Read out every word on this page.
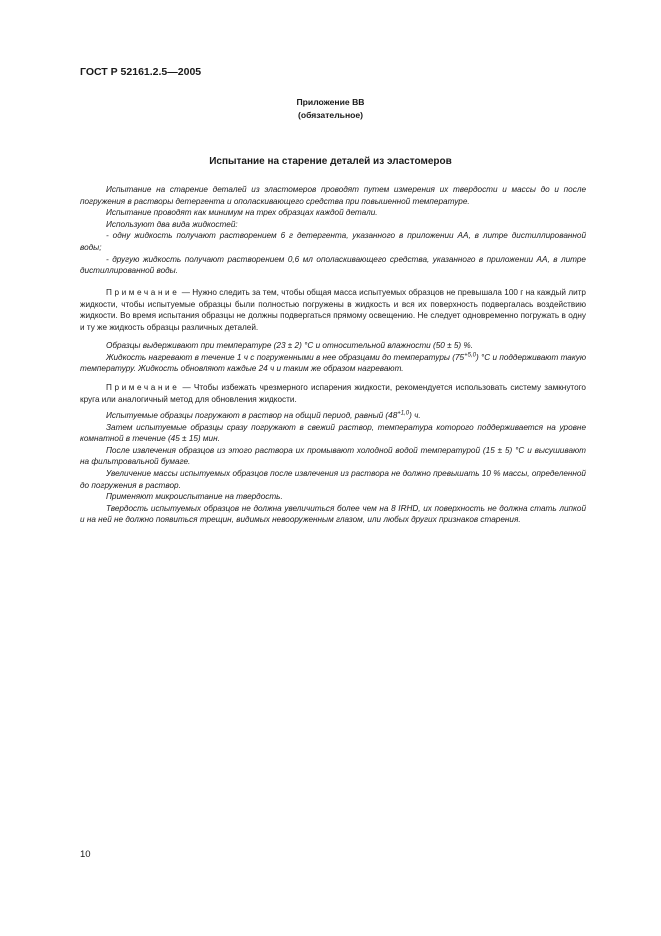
ГОСТ Р 52161.2.5—2005
Приложение ВВ
(обязательное)
Испытание на старение деталей из эластомеров

Испытание на старение деталей из эластомеров проводят путем измерения их твердости и массы до и после погружения в растворы детергента и ополаскивающего средства при повышенной температуре.

Испытание проводят как минимум на трех образцах каждой детали.

Используют два вида жидкостей:

- одну жидкость получают растворением 6 г детергента, указанного в приложении АА, в литре дистиллированной воды;

- другую жидкость получают растворением 0,6 мл ополаскивающего средства, указанного в приложении АА, в литре дистиллированной воды.

Примечание — Нужно следить за тем, чтобы общая масса испытуемых образцов не превышала 100 г на каждый литр жидкости, чтобы испытуемые образцы были полностью погружены в жидкость и вся их поверхность подвергалась воздействию жидкости. Во время испытания образцы не должны подвергаться прямому освещению. Не следует одновременно погружать в одну и ту же жидкость образцы различных деталей.

Образцы выдерживают при температуре (23 ± 2) °С и относительной влажности (50 ± 5) %.

Жидкость нагревают в течение 1 ч с погруженными в нее образцами до температуры $(75^{+5,0})$ °С и поддерживают такую температуру. Жидкость обновляют каждые 24 ч и таким же образом нагревают.

Примечание — Чтобы избежать чрезмерного испарения жидкости, рекомендуется использовать систему замкнутого круга или аналогичный метод для обновления жидкости.

Испытуемые образцы погружают в раствор на общий период, равный $(48^{+1,0})$ ч.

Затем испытуемые образцы сразу погружают в свежий раствор, температура которого поддерживается на уровне комнатной в течение (45 ± 15) мин.

После извлечения образцов из этого раствора их промывают холодной водой температурой (15 ± 5) °С и высушивают на фильтровальной бумаге.

Увеличение массы испытуемых образцов после извлечения из раствора не должно превышать 10 % массы, определенной до погружения в раствор.

Применяют микроиспытание на твердость.

Твердость испытуемых образцов не должна увеличиться более чем на 8 IRHD, их поверхность не должна стать липкой и на ней не должно появиться трещин, видимых невооруженным глазом, или любых других признаков старения.

10
